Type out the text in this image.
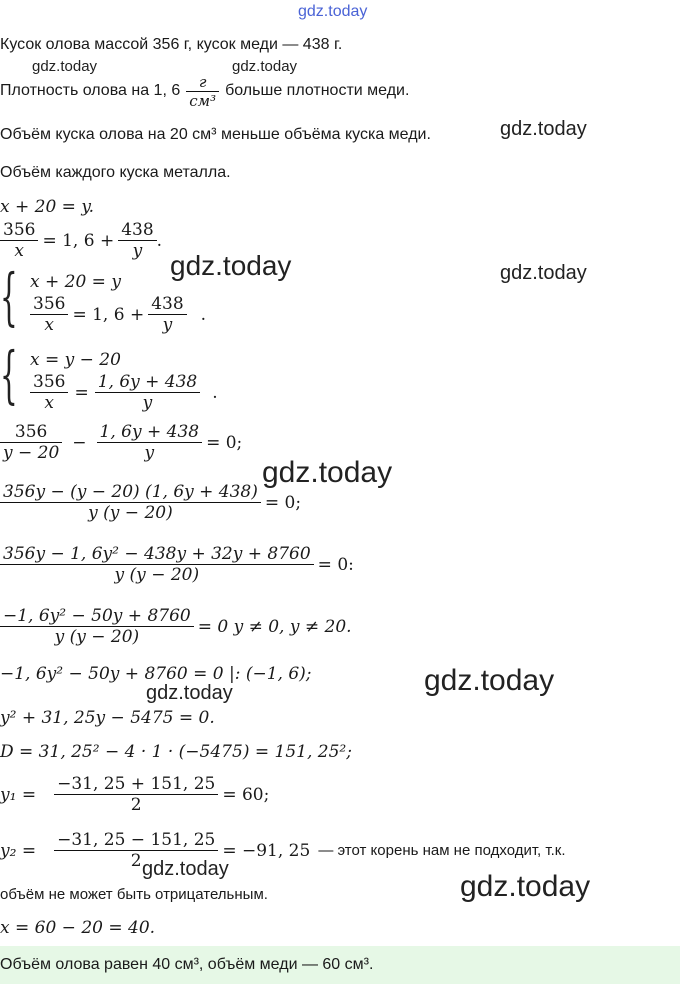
gdz.today
gdz.today	gdz.today
gdz.today
gdz.today	gdz.today
gdz.today
gdz.today
gdz.today
gdz.today
gdz.today
Кусок олова массой 356 г, кусок меди — 438 г.
Плотность олова на 1, $6 \frac{г}{\text{см³}}$ больше плотности меди.
Объём куска олова на 20 см³ меньше объёма куска меди.
Объём каждого куска металла.
x + 20 = y.
$\frac{356}{x} = 1$, $6 + \frac{438}{y}$ .
{ x + 20 = y
$\frac{356}{x} = 1$, $6 + \frac{438}{y}$ .
{ x = y − 20
$\frac{356}{x} = \frac{1, 6y + 438}{y}$ .
$\frac{356}{y - 20} - \frac{1, 6y + 438}{y} = 0$;
$\frac{356y - (y - 20) (1, 6y + 438)}{y (y - 20)} = 0$;
$\frac{\text{356y − 1, 6y² − 438y + 32y + 8760}}{y (y - 20)} = 0$:
$\frac{\text{−1, 6y² − 50y + 8760}}{y (y - 20)} = 0$ y ≠ 0, y ≠ 20.
−1, 6y² − 50y + 8760 = 0 |: (−1, 6);
y² + 31, 25y − 5475 = 0.
D = 31, 25² − 4 · 1 · (−5475) = 151, 25²;
$y_1 = \frac{-31, 25 + 151, 25}{2} = 60$;
$y_2 = \frac{-31, 25 - 151, 25}{2} = -91$, 25 — этот корень нам не подходит, т.к.
объём не может быть отрицательным.
x = 60 − 20 = 40.
Объём олова равен 40 см³, объём меди — 60 см³.
